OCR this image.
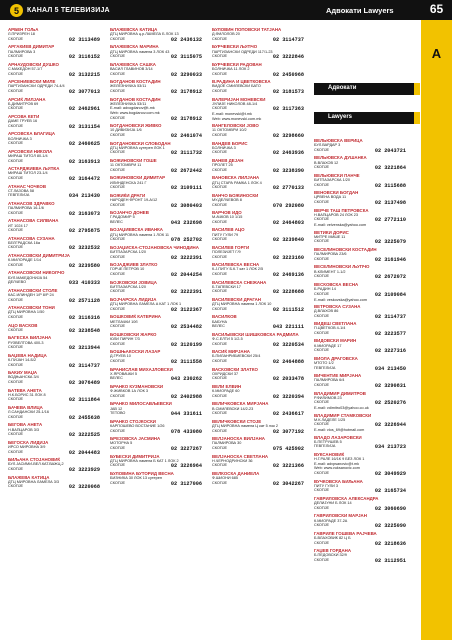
5	КАНАЛ 5 ТЕЛЕВИЗИЈА	Адвокати Lawyers	65
А
Адвокати
Lawyers
АРБЕН ГОЉА
Л.ПРИЗРЕН 18
СКОПЈЕ	02 3113489
АРГАКИЕВ ДИМИТАР
ПАЛМИРОВА 3
СКОПЈЕ	02 3116152
АРНАУДОВСКИ ДУШКО
С.МАКЕДОН 57-1/7
СКОПЈЕ	02 3132215
АРСЕНИЕВСКИ МИЛЕ
ПАРТИЗАНСКИ ОДРЕДИ 74-4/4
СКОПЈЕ	02 3077013
АРСИЌ ЛИЛЈАНА
Б.ДИМИТРОВ 69
СКОПЈЕ	02 2462961
АРСОВА КЕТИ
ДАМЕ ГРУЕВ 16
СКОПЈЕ	02 3131154
АРСОВСКА БЛАГИЦА
БОЛНИЧКА 3
СКОПЈЕ	02 2460625
АРСОВСКИ НИКОЛА
МИРАШ ТИТОЛ 80-1/4
СКОПЈЕ	02 3163913
АСТАРДЖИЕВА ЉУПКА
МИРАШ ТИТОЛ 23-1/4
СКОПЈЕ	02 3164472
АТАНАС ЧОЧКОВ
СТ.ЛАЗОВА 58
ГЕВГЕЛИЈА	034 213430
АТАНАСОВ ЗДРАВКО
ПАЛМИРОВА 16-1/6
СКОПЈЕ	02 3163073
АТАНАСОВА СИЛВАНА
ИТ 1024 17
СКОПЈЕ	02 2795875
АТАНАСОВА СУЗАНА
БЕЛГРАДСКА 16а
СКОПЈЕ	02 3232532
АТАНАСОВСКИ ДИМИТРИЈА
К.МИЛОРАДЕ 1/14
СКОПЈЕ	02 3239580
АТАНАСОВСКИ НИКОЛЧО
БУЛ.МАКЕДОНИЈА 54
ДЕЛЧЕВО	033 410333
АТАНАСОВСКИ СТОЛЕ
КАС.ИЛИНДЕН 1/Р 8/Р 24
СКОПЈЕ	02 2571128
АТАНАСОВСКИ ТОНИ
ДТЦ МИРОВНА 1/50
СКОПЈЕ	02 3116316
АЦО ВАСКОВ
СКОПЈЕ	02 3238548
БАГЕСКА БИЛЈАНА
РУЗВЕЛТОВА 400-3
СКОПЈЕ	02 3213944
БАЏЕВА НАДИЦА
К.ПИЈАН 14-Б/2
СКОПЈЕ	02 3114737
БАКИУ МАЏА
ВОДЊАНСКА 3/4
СКОПЈЕ	02 3076489
БАТЕВА АНЕТА
Н.К.БОРИС 31 ЛОК 8
СКОПЈЕ	02 3111864
БАЧЕВА ВЛИЦА
Л.САНДАНСКИ 25-1/16
СКОПЈЕ	02 2455638
БЕГОВА АНЕТА
Н.ВАПЦАРОВ 3/3
СКОПЈЕ	02 3222525
БЕГОСКА ЛИДИЈА
ИРСО МИРОВНА 3/9
СКОПЈЕ	02 2044483
БИЉАНА СТОЈАНОВИЌ
БУЛ.ЈАСИМИ-ВЕЛ.КАТ.ВАЖЦ.2
СКОПЈЕ	02 3223929
БЛАЖЕВА КАТИЦА
ДТЦ МИРОВНА ЛАМЕЛА 3/3
СКОПЈЕ	02 3220068
БЛАЖЕВСКА КАТИЦА
ДТЦ МИРОВНА ц.р.ЛАМЕЛА Б ЛОК 13
СКОПЈЕ	02 2436132
БЛАЖЕВСКА МАРИНА
ДТЦ МИРОВНА ламела 3 ЛОК 43
СКОПЈЕ	02 3115075
БЛАЖЕВСКА САШКА
ВАСИЛ ГЛАВИНОВ 3/14
СКОПЈЕ	02 3290033
БОГДАНОВ КОСТАДИН
ЖЕЛЕЗНИЧКА 53/11
СКОПЈЕ	02 3178912
БОГДАНОВ КОСТАДИН
ЖЕЛЕЗНИЧКА 53/11
E-mail: advogdanov@t-mk
Web: www.bogdanov.com.mk
СКОПЈЕ	02 3178912
БОГДАНОВСКИ ЖИВКО
10 ДИВИЗИЈА 1/6
СКОПЈЕ	02 2461074
БОГДАНОВСКИ СЛОБОДАН
ДТЦ МИРОВНА сутерен ЛОК 1
СКОПЈЕ	02 3111732
БОЖИНОВСКИ ГОШЕ
11 ОКТОМВРИ 11
СКОПЈЕ	02 2672442
БОЖИНОВСКИ ДИМИТАР
ИЛИНДЕНСКА 241 Г
СКОПЈЕ	02 3109111
БОЖИЌИ ДРАГИ
НАРОДЕН ФРОНТ 19-А/12
СКОПЈЕ	02 3080403
БОЈАНЧО ДОНЕВ
Г.РАДОМИР 5
ВЕЛЕС	043 232698
БОЈАЏИЕВСКА ИВАНКА
ДТЦ МИРОВНА ламела 1 ЛОК 11
СКОПЈЕ	078 252702
БОЈАЏИСКА-СТОЈАНОВСКА ЧИНОДИНА
БИТПАЗАРСКА 1/20
СКОПЈЕ	02 3222391
БОЈАДЖИЕВ ЗЛАТКО
ГОРЧЕ ПЕТРОВ 10
СКОПЈЕ	02 2044254
БОЈКОВСКИ ЈОВИЦА
БИТПАЗАРСКА 1/20
СКОПЈЕ	02 3222391
БОЈЧАРСКА ЛИДИЈА
ДТЦ МИРОВНА ЛАМЕЛА А КАТ 1 ЛОК 1
СКОПЈЕ	02 3122367
БОШКОВИЌ КАТЕРИНА
МЕТЛАЧКИ 10б
СКОПЈЕ	02 2534482
БОШКОВСКИ ЖАРКО
ЮЛИ ПИРИН 7/3
СКОПЈЕ	02 3120199
БОШЊАКОСКИ ЛАЗАР
Д.ГРУЕВ 10
СКОПЈЕ	02 3111558
БРАНИСЛАВ МИХАЈЛОВСКИ
Х.ЯРОВАЧКИ 5
ВЕЛЕС	043 230262
БРАНКО КУЗМАНОВСКИ
Ф.ЖИВКОВ 1А ЛОК 3
СКОПЈЕ	02 2402988
БРАНКО МИЛОСАВЉЕВСКИ
ЈАВ 12
ТЕТОВО	044 331611
БРАНКО СТОЈКОСКИ
КАРПОШЕВО ВОСТАНИЕ 1/26
СКОПЈЕ	078 433080
БРЕЗОВСКА ЈАСМИНА
МОТОРНА 5
СКОПЈЕ	02 3227267
БУБЕСКИ ДИМИТРИЈА
ДТЦ МИРОВНА ламела Б КАТ 1 ЛОК 2
СКОПЈЕ	02 3226964
БУЛОВИНА БУТОРИД ВЕСНА
БИЗНИКА 30 ЛОК 13 сутерен
СКОПЈЕ	02 3127006
БУЛОВИН ПОПОВСКИ ТАТЈАНА
Д.ФИЛОЛОВ 20
СКОПЈЕ	02 3114737
БУРЧЕВСКИ ЉУПЧО
ПАРТИЗАНСКИ ОДРЕДИ 117/1-23
СКОПЈЕ	02 3222846
БУРЧЕВСКИ РАДОВАН
БОЛНИЧКА 11 ЛОК 2
СКОПЈЕ	02 2450968
В.РАДИНА И ЦВЕТКОВСКА
ВИДОЕ СМИЛЕВСКИ БАТО
СКОПЈЕ	02 3181573
ВАЛЕРИЈАН МОНЕВСКИ
ЈУЛИЈЕ НИКОЛОВ 48-1/4
СКОПЈЕ	02 3117363
E-mail: monevski@t.mk
Web: www.monevski.com.mk
ВАНГЕЛОВСКИ ЈОВО
11 ОКТОМВРИ 10/2
СКОПЈЕ	02 3298660
ВАНДЕВ БОРИС
БОЛНИЧКА 3
СКОПЈЕ	02 2463936
ВАНЕВ ДЕЈАН
ПРОЛЕТ 25
СКОПЈЕ	02 3238390
ВАНОВСКА ЛИЛЈАНА
ДТЦ СТАРА РАМКА 1 ЛОК 4
СКОПЈЕ	02 2770133
ВАНЧО БОЖИНОСКИ
МУ.ДЕЛЧЕВОВ 8
СКОПЈЕ	070 292080
ВАРЧОВ ИДО
М.АЧКОВ 10 1/15
СКОПЈЕ	02 2464803
ВАСИЛЕВ АЦО
ПИТУ ГУЛИ 79
СКОПЈЕ	02 3239840
ВАСИЛЕВ ГОРГИ
ПОЛЕЗИЈЕТ Г/9
СКОПЈЕ	02 3223160
ВАСИЛЕВСКА ВЕСНА
К.Ј.ПИТУ Б.К.7 кат 1 ЛОК 2/5
СКОПЈЕ	02 2469136
ВАСИЛЕВСКА СНЕЖАНА
Б.ТАПЕВСКИ 17
СКОПЈЕ	02 3228688
ВАСИЛЕВСКИ ДРАГАН
ДТЦ МИРОВНА ламела 1 ЛОК 10
СКОПЈЕ	02 3111512
ВАСИЛКОВ
БАБУНА
ВЕЛЕС	043 221111
ВАСИЉЕВСКИ ШИШКОВСКА РАДМИЛА
Ф.С.ЕЛТИ 5 1/2-5
СКОПЈЕ	02 3220534
ВАСИЌ МИРЈАНА
Б.ПИЛАНРИБИЕВСКИ 25/4
СКОПЈЕ	02 2464888
ВАСКОВСКИ ЗЛАТКО
ОХРИДСКИ 37
СКОПЈЕ	02 2033478
ВЕЛИ ЕЛВИН
К.МИОРАДЕ 60
СКОПЈЕ	02 3220394
ВЕЛИЧКОВСКА МИРЈАНА
В.СМИЛЕВСКИ 14/2-23
СКОПЈЕ	02 2436617
ВЕЛИЧКОВСКИ СТОЈЕ
ДТЦ МИРОВНА ламела Ц кат 5 лок 2
СКОПЈЕ	02 3077192
ВЕЛЈАНОСКА ВИЛЈАНА
ПАЛМИРОВА 30
СКОПЈЕ	075 425902
ВЕЛЈАНОСКА СВЕТЛАНА
Н.ЧЕРНОДРИНСКИ 36
СКОПЈЕ	02 3221366
ВЕЛКОСКА ДАНИЕЛА
Ф.ШИОНИ 685
СКОПЈЕ	02 3042267
ВЕЛЬЮВСКА ВЕРИЦА
БУЛ.ВАРДАР 3
СКОПЈЕ	02 2043721
ВЕЛЬЮВСКА ДУШАНКА
В.ВЛАХОВ 12
СКОПЈЕ	02 3221864
ВЕЛЬЮВСКИ ПАНЧЕ
БИТПАЗАРСКА 1/20
СКОПЈЕ	02 3115688
ВЕНОВСКИ БОГДАН
ЦРВЕНА ВОДА 11
СКОПЈЕ	02 3137498
ВЕРЧЕ ТАШ ПЕТРОВСКА
Н.ВАПЦАРОВ 24 ЛОК 23
СКОПЈЕ	02 2772110
E-mail: velvenska@yahoo.com
ВЕТИКИ ДОРИС
МИТРЕ МИШЕ 11
СКОПЈЕ	02 3225079
ВЕСЕЛИНОВСКИ КОСТАДИН
ПАЛМИРОВА 23/6
СКОПЈЕ	02 3161946
ВЕСЕЛИНОВСКИ ЉУПЧО
В.КЛИМЕНТ 1-1/2
СКОПЈЕ	02 2672072
ВЕСКОВСКА ВЕСНА
Б.РАДИН 14
СКОПЈЕ	02 3109084
E-mail: veskovska@yahoo.com
ВЕТРОВСКА СУЗАНА
Д.ВЛАХОВ 86
СКОПЈЕ	02 3114737
ВИДЕШ СВЕТЛАНА
П.ЦВЕТКОВ 4-1/4
СКОПЈЕ	02 3223577
ВИДОВСКИ МАРИН
К.МИОРАДЕ 17
СКОПЈЕ	02 3227316
ВИОЛА ДРАГОВСКА
МТОТО 1/2
ГЕВГЕЛИЈА	034 213450
ВИЧЕНТИЕ МИРЈАНА
ПАЛМИРОВА 6/4
СКОПЈЕ	02 3290831
ВЛАДИМИР ДИМИТРОВ
Р.ФИЛИМОВ 23
СКОПЈЕ	02 2520276
E-mail: vdimitro03@yahoo.co.uk
ВЛАДИМИР СТАМКОВСКИ
М.К.ЛАДЕЛЕ 1/25
СКОПЈЕ	02 3226944
E-mail: vlos_69@hotmail.com
ВЛАДО ЛАЗАРОВСКИ
Б.ПЕТРУШЕВ 5
ГЕВГЕЛИЈА	034 213723
ВУКСАНОВИЌ
Н.Г.РАЛЕ 16/1К 9 БЕЗ ЛОК 1
E-mail: advpsanovic@t.mk
Web: www.vuksanovic.com
СКОПЈЕ	02 3049929
ВУЧКОВСКА БИЉАНА
ПИТУ ГУЛИ 3
СКОПЈЕ	02 3165734
ГАВРИЛОВСКА АЛЕКСАНДРА
ДЕЛИЈУНИ Б ЛОК 14
СКОПЈЕ	02 3060690
ГАВРИЛОВСКИ МАРЈАН
К.МИОРАДЕ 37-2А
СКОПЈЕ	02 3225090
ГАВРИЛЕ ГОШЕВА РАЈЧЕВА
Б.ВЛАХОВИЌ 82 Ц Б
СКОПЈЕ	02 3218636
ГАЏЕВ ГОРДАНА
Б.ПЕДОВСКИ 32/9
СКОПЈЕ	02 3112951
